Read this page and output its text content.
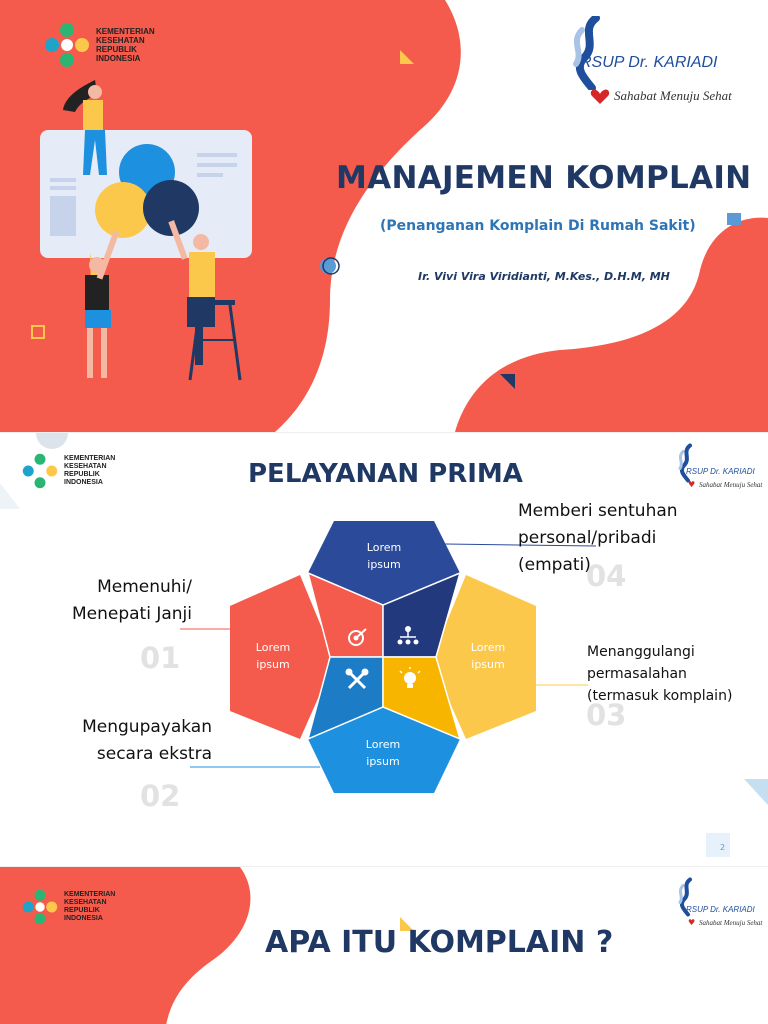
KEMENTERIAN
KESEHATAN
REPUBLIK
INDONESIA	RSUP Dr. KARIADI
Sahabat Menuju Sehat
MANAJEMEN KOMPLAIN
(Penanganan Komplain Di Rumah Sakit)
Ir. Vivi Vira Viridianti, M.Kes., D.H.M, MH
KEMENTERIAN
KESEHATAN
REPUBLIK
INDONESIA
RSUP Dr. KARIADI
♥ Sahabat Menuju Sehat
PELAYANAN PRIMA
Lorem
ipsum
Lorem
ipsum
Lorem
ipsum
Lorem
ipsum
Memenuhi/
Menepati Janji
01
Mengupayakan
secara ekstra
02
03
Menanggulangi
permasalahan
(termasuk komplain)
04
Memberi sentuhan
personal/pribadi
(empati)
2
KEMENTERIAN
KESEHATAN
REPUBLIK
INDONESIA
RSUP Dr. KARIADI
♥ Sahabat Menuju Sehat
APA ITU KOMPLAIN ?
